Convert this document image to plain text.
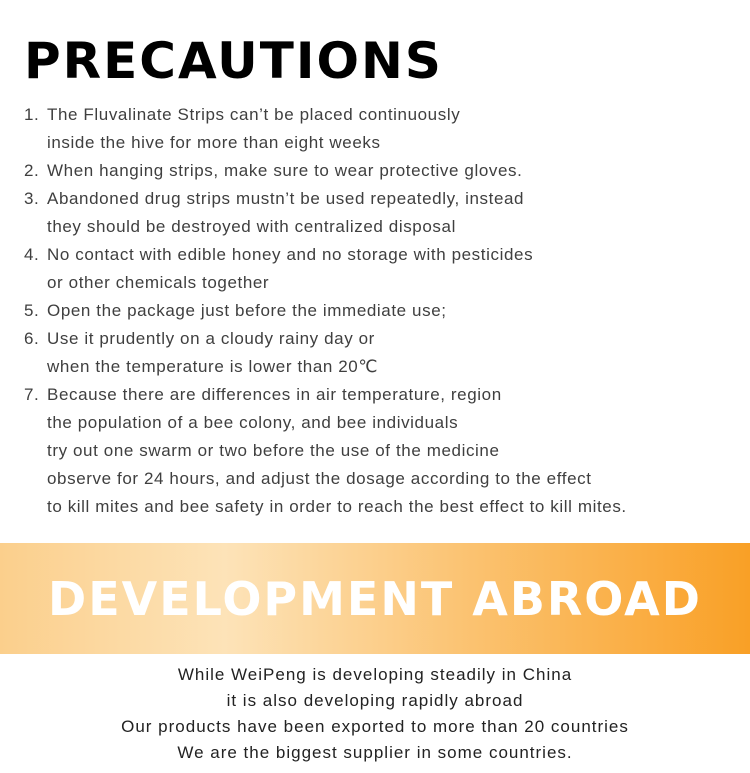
PRECAUTIONS
1. The Fluvalinate Strips can’t be placed continuously
inside the hive for more than eight weeks
2. When hanging strips, make sure to wear protective gloves.
3. Abandoned drug strips mustn’t be used repeatedly, instead
they should be destroyed with centralized disposal
4. No contact with edible honey and no storage with pesticides
or other chemicals together
5. Open the package just before the immediate use;
6. Use it prudently on a cloudy rainy day or
when the temperature is lower than 20℃
7. Because there are differences in air temperature, region
the population of a bee colony, and bee individuals
try out one swarm or two before the use of the medicine
observe for 24 hours, and adjust the dosage according to the effect
to kill mites and bee safety in order to reach the best effect to kill mites.
DEVELOPMENT ABROAD
While WeiPeng is developing steadily in China
it is also developing rapidly abroad
Our products have been exported to more than 20 countries
We are the biggest supplier in some countries.
